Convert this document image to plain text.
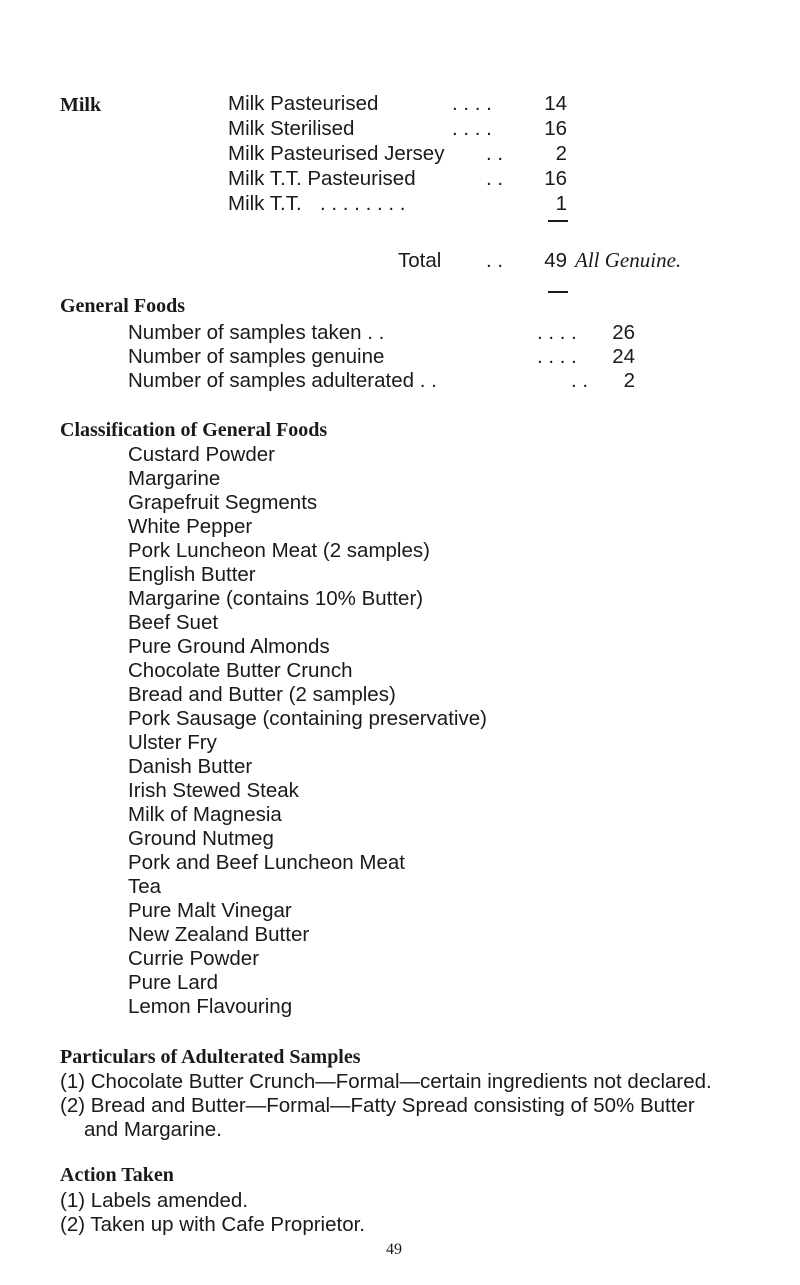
Milk	Milk Pasteurised	. . . .	14
Milk Sterilised	. . . .	16
Milk Pasteurised Jersey . .	2
Milk T.T. Pasteurised	. .	16
Milk T.T. . . . . . . . .	1
Total . .	49 All Genuine.
General Foods
Number of samples taken . .	. . . .	26
Number of samples genuine	. . . .	24
Number of samples adulterated . .	. .	2
Classification of General Foods
Custard Powder
Margarine
Grapefruit Segments
White Pepper
Pork Luncheon Meat (2 samples)
English Butter
Margarine (contains 10% Butter)
Beef Suet
Pure Ground Almonds
Chocolate Butter Crunch
Bread and Butter (2 samples)
Pork Sausage (containing preservative)
Ulster Fry
Danish Butter
Irish Stewed Steak
Milk of Magnesia
Ground Nutmeg
Pork and Beef Luncheon Meat
Tea
Pure Malt Vinegar
New Zealand Butter
Currie Powder
Pure Lard
Lemon Flavouring
Particulars of Adulterated Samples
(1) Chocolate Butter Crunch—Formal—certain ingredients not declared.
(2) Bread and Butter—Formal—Fatty Spread consisting of 50% Butter
and Margarine.
Action Taken
(1) Labels amended.
(2) Taken up with Cafe Proprietor.
49
